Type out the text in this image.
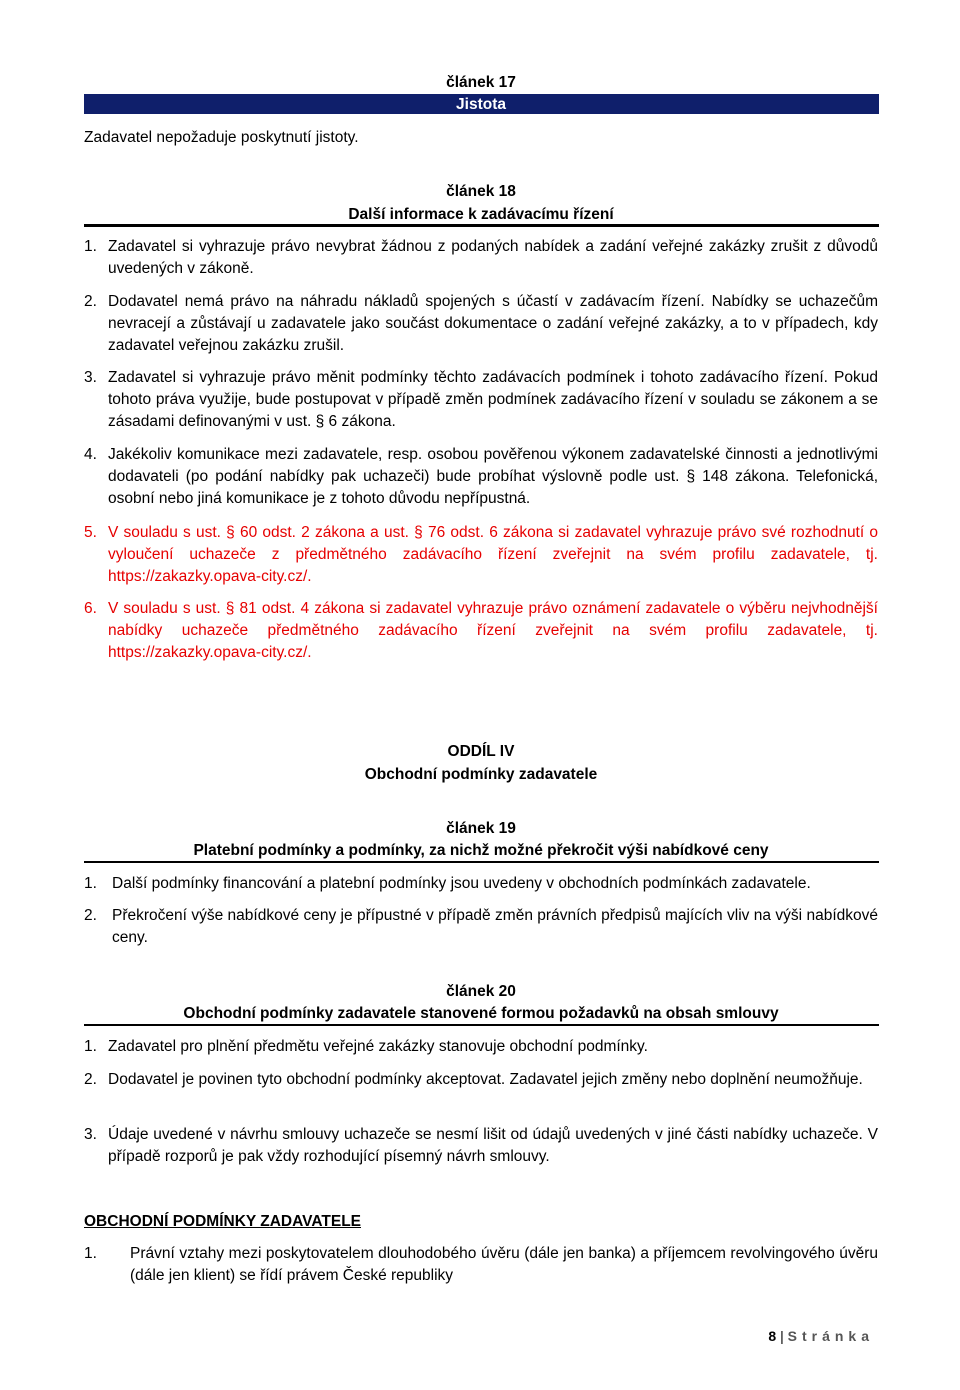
článek 17
Jistota
Zadavatel nepožaduje poskytnutí jistoty.
článek 18
Další informace k zadávacímu řízení
1. Zadavatel si vyhrazuje právo nevybrat žádnou z podaných nabídek a zadání veřejné zakázky zrušit z důvodů uvedených v zákoně.
2. Dodavatel nemá právo na náhradu nákladů spojených s účastí v zadávacím řízení. Nabídky se uchazečům nevracejí a zůstávají u zadavatele jako součást dokumentace o zadání veřejné zakázky, a to v případech, kdy zadavatel veřejnou zakázku zrušil.
3. Zadavatel si vyhrazuje právo měnit podmínky těchto zadávacích podmínek i tohoto zadávacího řízení. Pokud tohoto práva využije, bude postupovat v případě změn podmínek zadávacího řízení v souladu se zákonem a se zásadami definovanými v ust. § 6 zákona.
4. Jakékoliv komunikace mezi zadavatele, resp. osobou pověřenou výkonem zadavatelské činnosti a jednotlivými dodavateli (po podání nabídky pak uchazeči) bude probíhat výslovně podle ust. § 148 zákona. Telefonická, osobní nebo jiná komunikace je z tohoto důvodu nepřípustná.
5. V souladu s ust. § 60 odst. 2 zákona a ust. § 76 odst. 6 zákona si zadavatel vyhrazuje právo své rozhodnutí o vyloučení uchazeče z předmětného zadávacího řízení zveřejnit na svém profilu zadavatele, tj. https://zakazky.opava-city.cz/.
6. V souladu s ust. § 81 odst. 4 zákona si zadavatel vyhrazuje právo oznámení zadavatele o výběru nejvhodnější nabídky uchazeče předmětného zadávacího řízení zveřejnit na svém profilu zadavatele, tj. https://zakazky.opava-city.cz/.
ODDÍL IV
Obchodní podmínky zadavatele
článek 19
Platební podmínky a podmínky, za nichž možné překročit výši nabídkové ceny
1. Další podmínky financování a platební podmínky jsou uvedeny v obchodních podmínkách zadavatele.
2. Překročení výše nabídkové ceny je přípustné v případě změn právních předpisů majících vliv na výši nabídkové ceny.
článek 20
Obchodní podmínky zadavatele stanovené formou požadavků na obsah smlouvy
1. Zadavatel pro plnění předmětu veřejné zakázky stanovuje obchodní podmínky.
2. Dodavatel je povinen tyto obchodní podmínky akceptovat. Zadavatel jejich změny nebo doplnění neumožňuje.
3. Údaje uvedené v návrhu smlouvy uchazeče se nesmí lišit od údajů uvedených v jiné části nabídky uchazeče. V případě rozporů je pak vždy rozhodující písemný návrh smlouvy.
OBCHODNÍ PODMÍNKY ZADAVATELE
1. Právní vztahy mezi poskytovatelem dlouhodobého úvěru (dále jen banka) a příjemcem revolvingového úvěru (dále jen klient) se řídí právem České republiky
8 | Stránka
